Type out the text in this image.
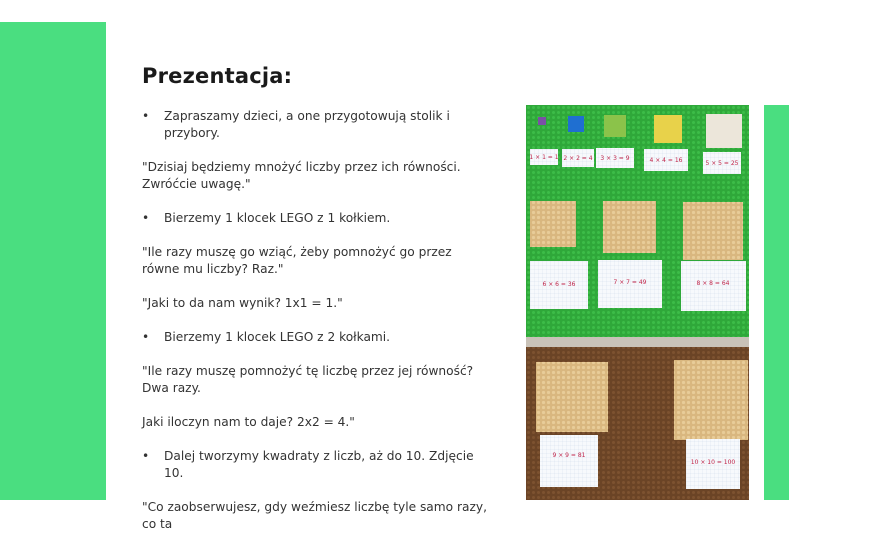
Prezentacja:
•	Zapraszamy dzieci, a one przygotowują stolik i przybory.
"Dzisiaj będziemy mnożyć liczby przez ich równości. Zwróćcie uwagę."
•	Bierzemy 1 klocek LEGO z 1 kołkiem.
"Ile razy muszę go wziąć, żeby pomnożyć go przez równe mu liczby? Raz."
"Jaki to da nam wynik? 1x1 = 1."
•	Bierzemy 1 klocek LEGO z 2 kołkami.
"Ile razy muszę pomnożyć tę liczbę przez jej równość? Dwa razy.
Jaki iloczyn nam to daje? 2x2 = 4."
•	Dalej tworzymy kwadraty z liczb, aż do 10. Zdjęcie 10.
"Co zaobserwujesz, gdy weźmiesz liczbę tyle samo razy, co ta
1 × 1 = 1 2 × 2 = 4 3 × 3 = 9	4 × 4 = 16	5 × 5 = 25
6 × 6 = 36	7 × 7 = 49	8 × 8 = 64
9 × 9 = 81
10 × 10 = 100
